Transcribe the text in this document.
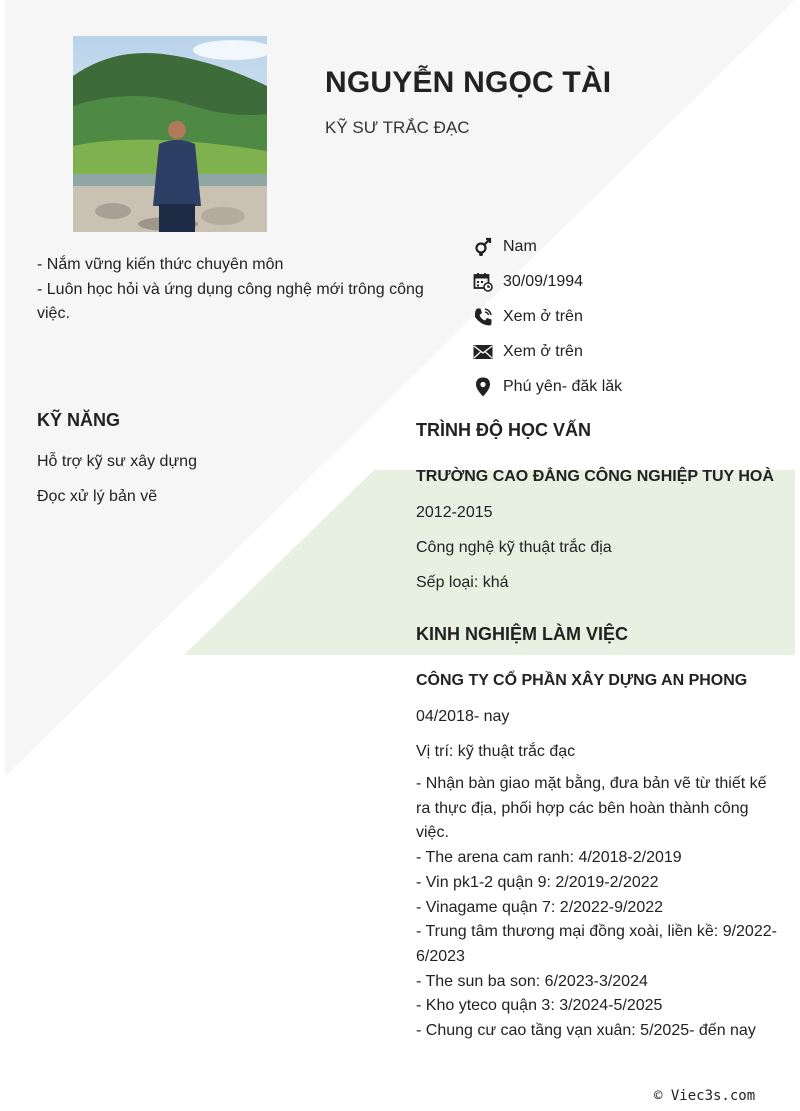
NGUYỄN NGỌC TÀI
KỸ SƯ TRẮC ĐẠC
- Nắm vững kiến thức chuyên môn
- Luôn học hỏi và ứng dụng công nghệ mới trông công việc.
Nam
30/09/1994
Xem ở trên
Xem ở trên
Phú yên- đăk lăk
KỸ NĂNG
Hỗ trợ kỹ sư xây dựng
Đọc xử lý bản vẽ
TRÌNH ĐỘ HỌC VẤN
TRƯỜNG CAO ĐẲNG CÔNG NGHIỆP TUY HOÀ
2012-2015
Công nghệ kỹ thuật trắc địa
Sếp loại: khá
KINH NGHIỆM LÀM VIỆC
CÔNG TY CỔ PHẦN XÂY DỰNG AN PHONG
04/2018- nay
Vị trí: kỹ thuật trắc đạc
- Nhận bàn giao mặt bằng, đưa bản vẽ từ thiết kế ra thực địa, phối hợp các bên hoàn thành công việc.
- The arena cam ranh: 4/2018-2/2019
- Vin pk1-2 quận 9: 2/2019-2/2022
- Vinagame quận 7: 2/2022-9/2022
- Trung tâm thương mại đồng xoài, liền kề: 9/2022- 6/2023
- The sun ba son: 6/2023-3/2024
- Kho yteco quận 3: 3/2024-5/2025
- Chung cư cao tầng vạn xuân: 5/2025- đến nay
© Viec3s.com
